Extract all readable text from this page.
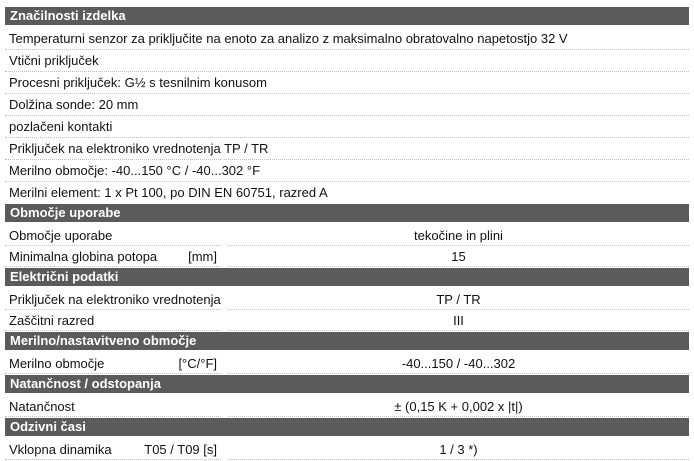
Značilnosti izdelka
Temperaturni senzor za priključite na enoto za analizo z maksimalno obratovalno napetostjo 32 V
Vtični priključek
Procesni priključek: G½ s tesnilnim konusom
Dolžina sonde: 20 mm
pozlačeni kontakti
Priključek na elektroniko vrednotenja TP / TR
Merilno območje: -40...150 °C / -40...302 °F
Merilni element: 1 x Pt 100, po DIN EN 60751, razred A
Območje uporabe
Območje uporabe	tekočine in plini
Minimalna globina potopa [mm]	15
Električni podatki
Priključek na elektroniko vrednotenja	TP / TR
Zaščitni razred	III
Merilno/nastavitveno območje
Merilno območje	[°C/°F]	-40...150 / -40...302
Natančnost / odstopanja
Natančnost	± (0,15 K + 0,002 x |t|)
Odzivni časi
Vklopna dinamika	T05 / T09 [s]	1 / 3 *)
